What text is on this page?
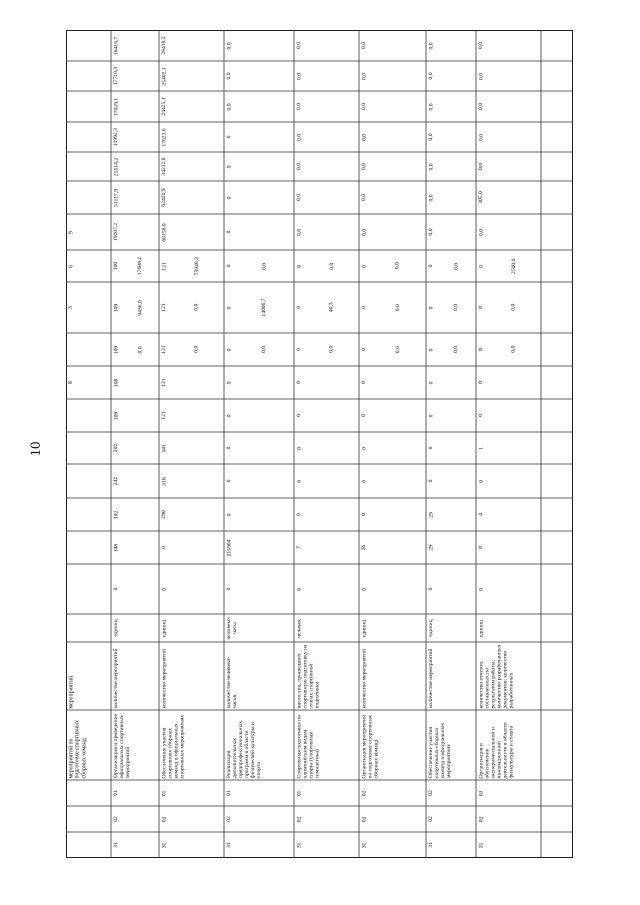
10
мероприятий по подготовке спортивных сборных команд
мероприятий
8
3
6
9
31
02
01
Организация и проведение официальных спортивных мероприятий
количество мероприятий
единиц
0
148
192
242
202
109
108
109
109
100
0,0
9436,0
17608,2
19207,2
51117,9
25514,2
11992,3
17029,1
17710,3
18418,7
31
02
01
Обеспечение участия спортивных сборных команд в официальных спортивных мероприятиях
количество мероприятий
единиц
0
0
290
316
341
121
121
121
121
121
0,0
0,0
75948,3
60158,0
62420,9
34212,8
17623,6
24425,1
25402,1
26418,2
31
02
01
Реализация дополнительных предпрофессиональных программ в области физической культуры и спорта
количество человеко-часов
человеко-часы
0
215904
0
0
0
0
0
0
0
0
0,0
14006,7
0,0
0
0
0
0
0,0
0,0
0,0
31
02
01
Спортивная подготовка по олимпийским видам спорта (спортивная гимнастика)
число лиц, прошедших спортивную подготовку на этапах спортивной подготовки
человек
0
7
0
0
0
0
0
0
0
0
0,0
40,3
0,0
0,0
0,0
0,0
0,0
0,0
0,0
0,0
31
02
02
Организация мероприятий по подготовке спортивных сборных команд
количество мероприятий
единиц
0
36
0
0
0
0
0
0
0
0
0,0
0,0
0,0
0,0
0,0
0,0
0,0
0,0
0,0
0,0
31
02
02
Обеспечение участия спортивных сборных команд в официальных мероприятиях
количество мероприятий
единиц
0
29
29
0
0
0
0
0
0
0
0,0
0,0
0,0
0,0
0,0
0,0
0,0
0,0
0,0
0,0
31
02
03
Организация и обеспечение экспериментальной и инновационной деятельности в области физкультуры и спорта
количество отчетов, составленных по результатам работы; количество разработанных документов; количество разработанных
единиц
0
0
4
0
1
0
0
0
0
0
0,0
0,0
2500,0
0,0
305,0
0,0
0,0
0,0
0,0
0,0
